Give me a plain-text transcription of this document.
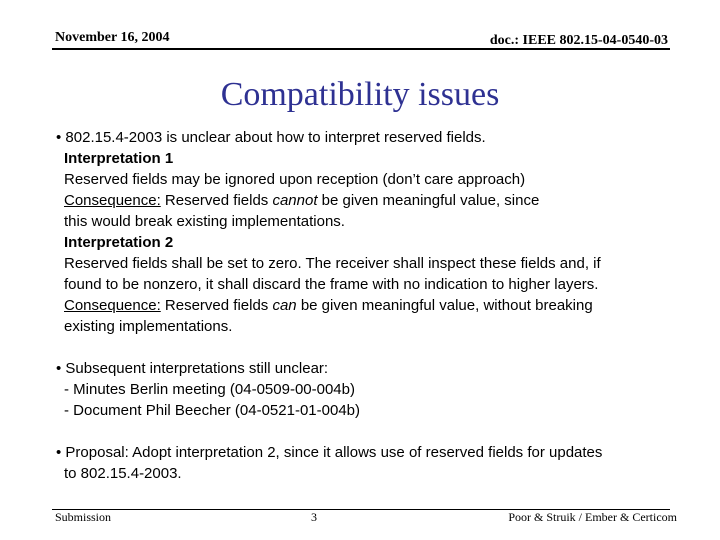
November 16, 2004	doc.: IEEE 802.15-04-0540-03
Compatibility issues
• 802.15.4-2003 is unclear about how to interpret reserved fields.
Interpretation 1
Reserved fields may be ignored upon reception (don’t care approach)
Consequence: Reserved fields cannot be given meaningful value, since
this would break existing implementations.
Interpretation 2
Reserved fields shall be set to zero. The receiver shall inspect these fields and, if
found to be nonzero, it shall discard the frame with no indication to higher layers.
Consequence: Reserved fields can be given meaningful value, without breaking
existing implementations.
• Subsequent interpretations still unclear:
- Minutes Berlin meeting (04-0509-00-004b)
- Document Phil Beecher (04-0521-01-004b)
• Proposal: Adopt interpretation 2, since it allows use of reserved fields for updates
to 802.15.4-2003.
Submission	3	Poor & Struik / Ember & Certicom
